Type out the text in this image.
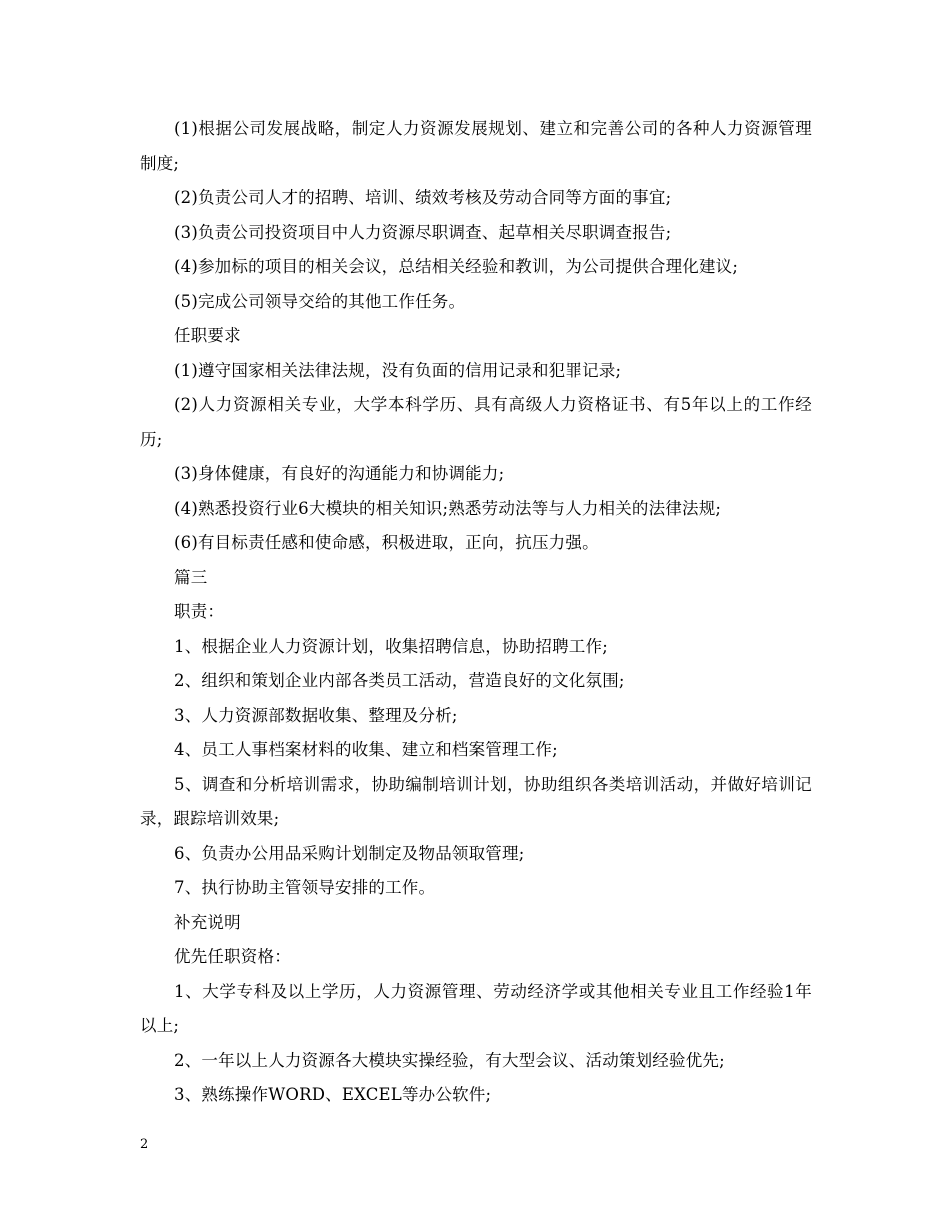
(1)根据公司发展战略，制定人力资源发展规划、建立和完善公司的各种人力资源管理制度;

(2)负责公司人才的招聘、培训、绩效考核及劳动合同等方面的事宜;

(3)负责公司投资项目中人力资源尽职调查、起草相关尽职调查报告;

(4)参加标的项目的相关会议，总结相关经验和教训，为公司提供合理化建议;

(5)完成公司领导交给的其他工作任务。

任职要求

(1)遵守国家相关法律法规，没有负面的信用记录和犯罪记录;

(2)人力资源相关专业，大学本科学历、具有高级人力资格证书、有5年以上的工作经历;

(3)身体健康，有良好的沟通能力和协调能力;

(4)熟悉投资行业6大模块的相关知识;熟悉劳动法等与人力相关的法律法规;

(6)有目标责任感和使命感，积极进取，正向，抗压力强。

篇三

职责：

1、根据企业人力资源计划，收集招聘信息，协助招聘工作;

2、组织和策划企业内部各类员工活动，营造良好的文化氛围;

3、人力资源部数据收集、整理及分析;

4、员工人事档案材料的收集、建立和档案管理工作;

5、调查和分析培训需求，协助编制培训计划，协助组织各类培训活动，并做好培训记录，跟踪培训效果;

6、负责办公用品采购计划制定及物品领取管理;

7、执行协助主管领导安排的工作。

补充说明

优先任职资格：

1、大学专科及以上学历，人力资源管理、劳动经济学或其他相关专业且工作经验1年以上;

2、一年以上人力资源各大模块实操经验，有大型会议、活动策划经验优先;

3、熟练操作WORD、EXCEL等办公软件;

2
